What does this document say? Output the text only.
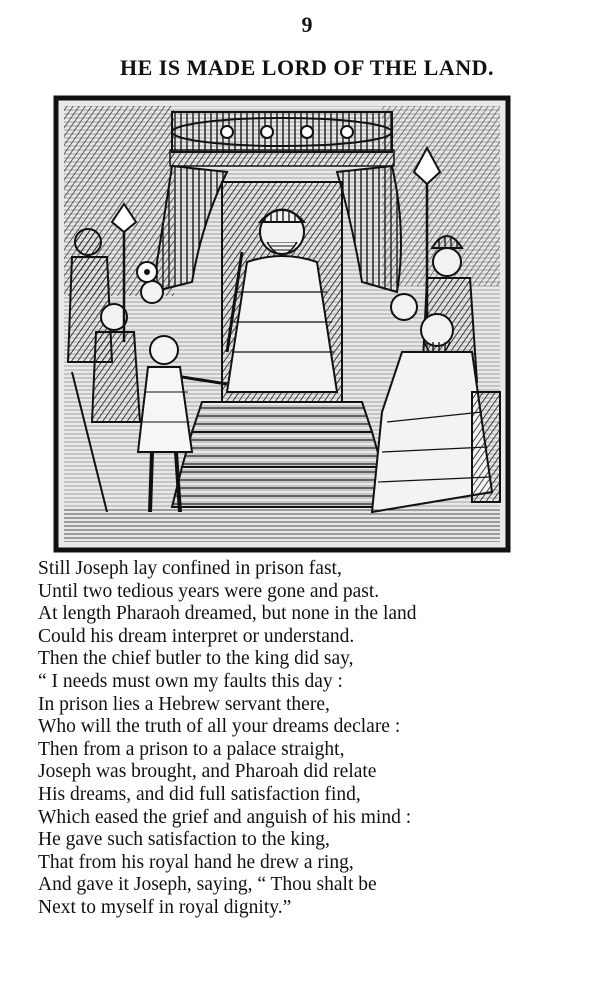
9
HE IS MADE LORD OF THE LAND.
Still Joseph lay confined in prison fast,
Until two tedious years were gone and past.
At length Pharaoh dreamed, but none in the land
Could his dream interpret or understand.
Then the chief butler to the king did say,
“ I needs must own my faults this day :
In prison lies a Hebrew servant there,
Who will the truth of all your dreams declare :
Then from a prison to a palace straight,
Joseph was brought, and Pharoah did relate
His dreams, and did full satisfaction find,
Which eased the grief and anguish of his mind :
He gave such satisfaction to the king,
That from his royal hand he drew a ring,
And gave it Joseph, saying, “ Thou shalt be
Next to myself in royal dignity.”
